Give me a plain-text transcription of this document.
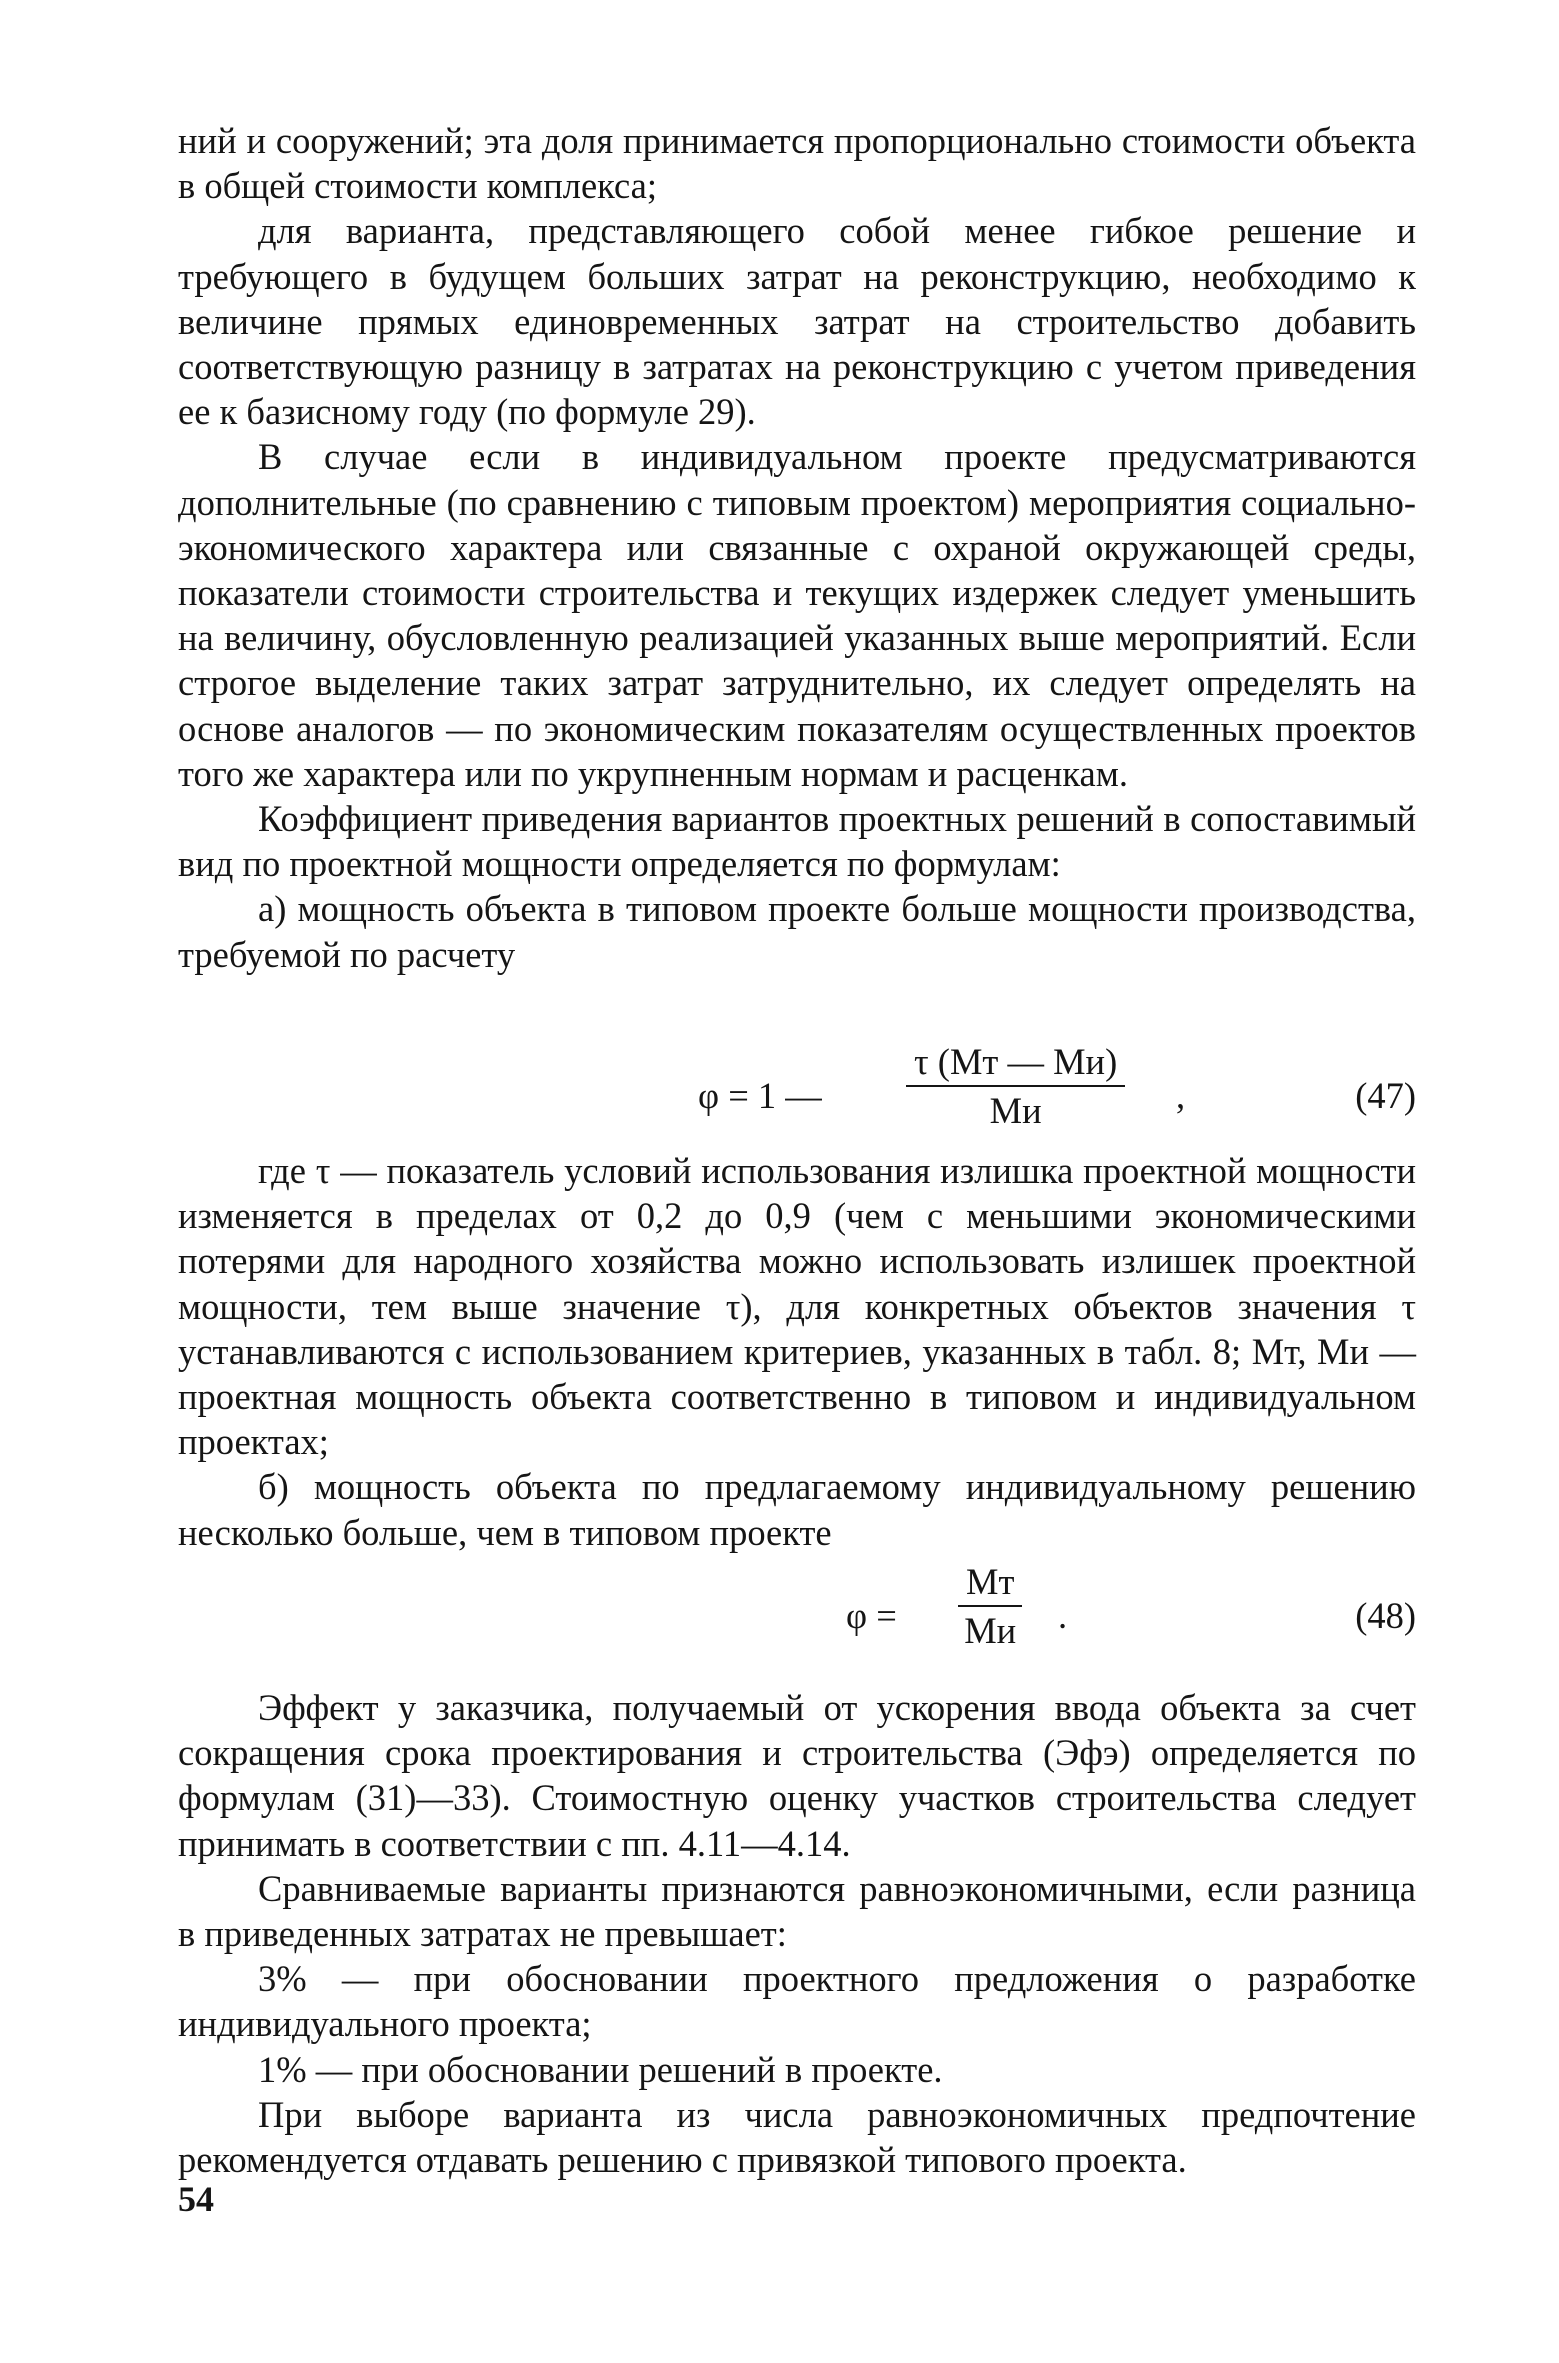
ний и сооружений; эта доля принимается пропорционально стоимости объекта в общей стоимости комплекса;

для варианта, представляющего собой менее гибкое решение и требующего в будущем больших затрат на реконструкцию, необходимо к величине прямых единовременных затрат на строительство добавить соответствующую разницу в затратах на реконструкцию с учетом приведения ее к базисному году (по формуле 29).

В случае если в индивидуальном проекте предусматриваются дополнительные (по сравнению с типовым проектом) мероприятия социально-экономического характера или связанные с охраной окружающей среды, показатели стоимости строительства и текущих издержек следует уменьшить на величину, обусловленную реализацией указанных выше мероприятий. Если строгое выделение таких затрат затруднительно, их следует определять на основе аналогов — по экономическим показателям осуществленных проектов того же характера или по укрупненным нормам и расценкам.

Коэффициент приведения вариантов проектных решений в сопоставимый вид по проектной мощности определяется по формулам:

а) мощность объекта в типовом проекте больше мощности производства, требуемой по расчету

φ = 1 —
τ (Mт — Mи)
Mи	,	(47)

где τ — показатель условий использования излишка проектной мощности изменяется в пределах от 0,2 до 0,9 (чем с меньшими экономическими потерями для народного хозяйства можно использовать излишек проектной мощности, тем выше значение τ), для конкретных объектов значения τ устанавливаются с использованием критериев, указанных в табл. 8; Mт, Mи — проектная мощность объекта соответственно в типовом и индивидуальном проектах;

б) мощность объекта по предлагаемому индивидуальному решению несколько больше, чем в типовом проекте

φ =
Mт
Mи .	(48)

Эффект у заказчика, получаемый от ускорения ввода объекта за счет сокращения срока проектирования и строительства (Эфэ) определяется по формулам (31)—33). Стоимостную оценку участков строительства следует принимать в соответствии с пп. 4.11—4.14.

Сравниваемые варианты признаются равноэкономичными, если разница в приведенных затратах не превышает:

3% — при обосновании проектного предложения о разработке индивидуального проекта;

1% — при обосновании решений в проекте.

При выборе варианта из числа равноэкономичных предпочтение рекомендуется отдавать решению с привязкой типового проекта.

54
